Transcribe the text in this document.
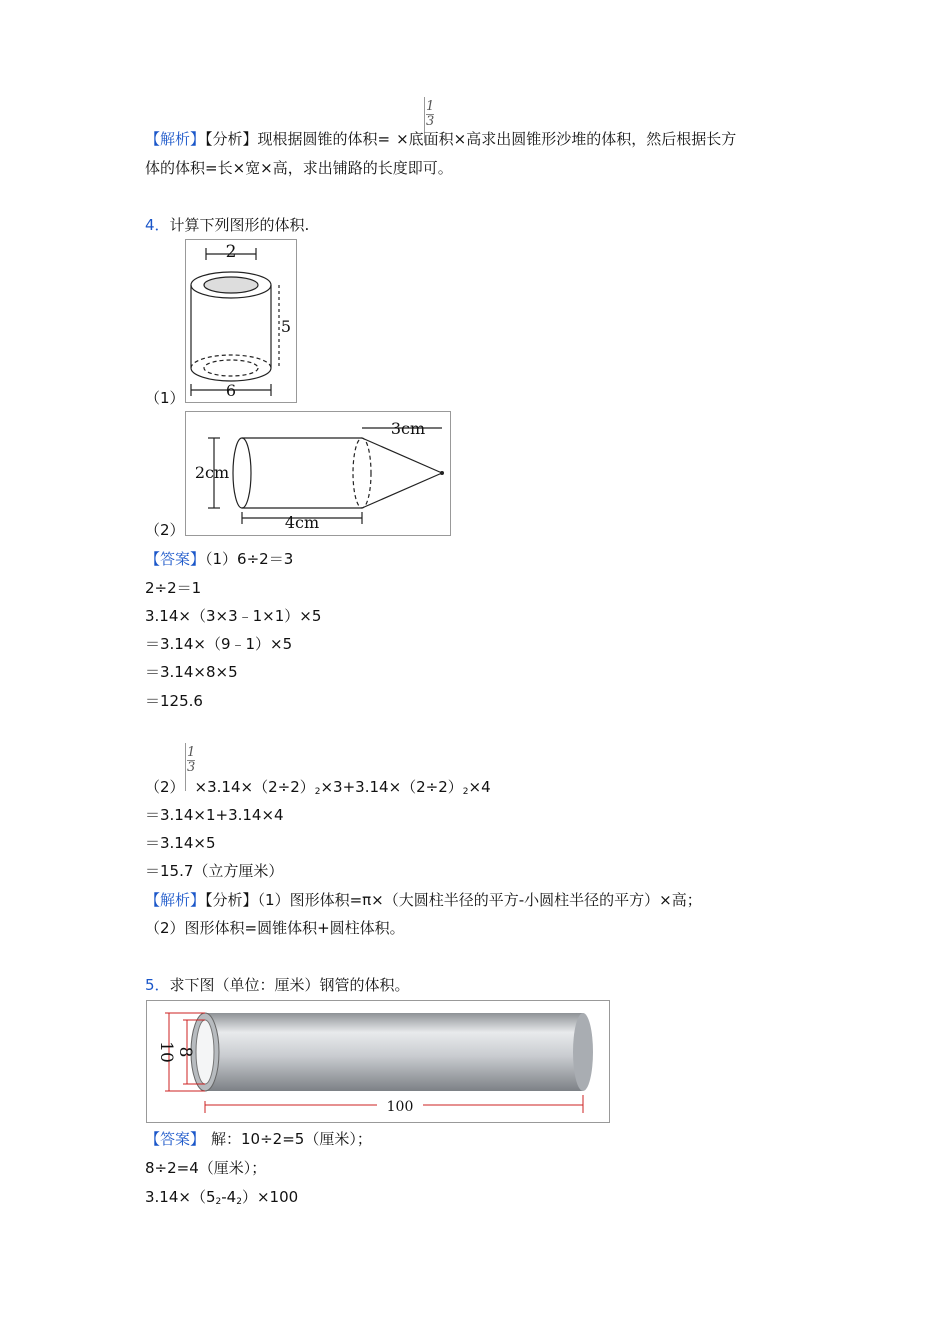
$\frac{1}{3}$
【解析】【分析】现根据圆锥的体积= ×底面积×高求出圆锥形沙堆的体积，然后根据长方
体的体积=长×宽×高，求出铺路的长度即可。
4．计算下列图形的体积.
2
5
6
（1）
3cm
2cm
4cm
（2）
【答案】（1）6÷2＝3
2÷2＝1
3.14×（3×3﹣1×1）×5
＝3.14×（9﹣1）×5
＝3.14×8×5
＝125.6
$\frac{1}{3}$
$(2) \times 3.14\times(2\div 2)^2\times 3+3.14\times(2\div 2)^2\times 4$
＝3.14×1+3.14×4
＝3.14×5
＝15.7（立方厘米）
【解析】【分析】（1）图形体积=π×（大圆柱半径的平方-小圆柱半径的平方）×高；
（2）图形体积=圆锥体积+圆柱体积。
5．求下图（单位：厘米）钢管的体积。
10 8
100
【答案】 解：10÷2=5（厘米）；
8÷2=4（厘米）；
$3.14\times(5^2-4^2)\times 100$
